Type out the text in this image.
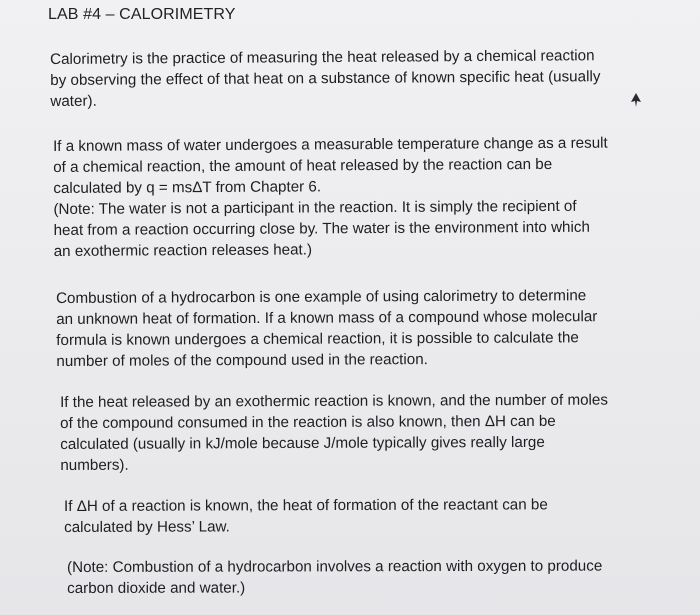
LAB #4 – CALORIMETRY

Calorimetry is the practice of measuring the heat released by a chemical reaction
by observing the effect of that heat on a substance of known specific heat (usually
water).

If a known mass of water undergoes a measurable temperature change as a result
of a chemical reaction, the amount of heat released by the reaction can be
calculated by q = msΔT from Chapter 6.
(Note: The water is not a participant in the reaction. It is simply the recipient of
heat from a reaction occurring close by. The water is the environment into which
an exothermic reaction releases heat.)

Combustion of a hydrocarbon is one example of using calorimetry to determine
an unknown heat of formation. If a known mass of a compound whose molecular
formula is known undergoes a chemical reaction, it is possible to calculate the
number of moles of the compound used in the reaction.

If the heat released by an exothermic reaction is known, and the number of moles
of the compound consumed in the reaction is also known, then ΔH can be
calculated (usually in kJ/mole because J/mole typically gives really large
numbers).

If ΔH of a reaction is known, the heat of formation of the reactant can be
calculated by Hess’ Law.

(Note: Combustion of a hydrocarbon involves a reaction with oxygen to produce
carbon dioxide and water.)
